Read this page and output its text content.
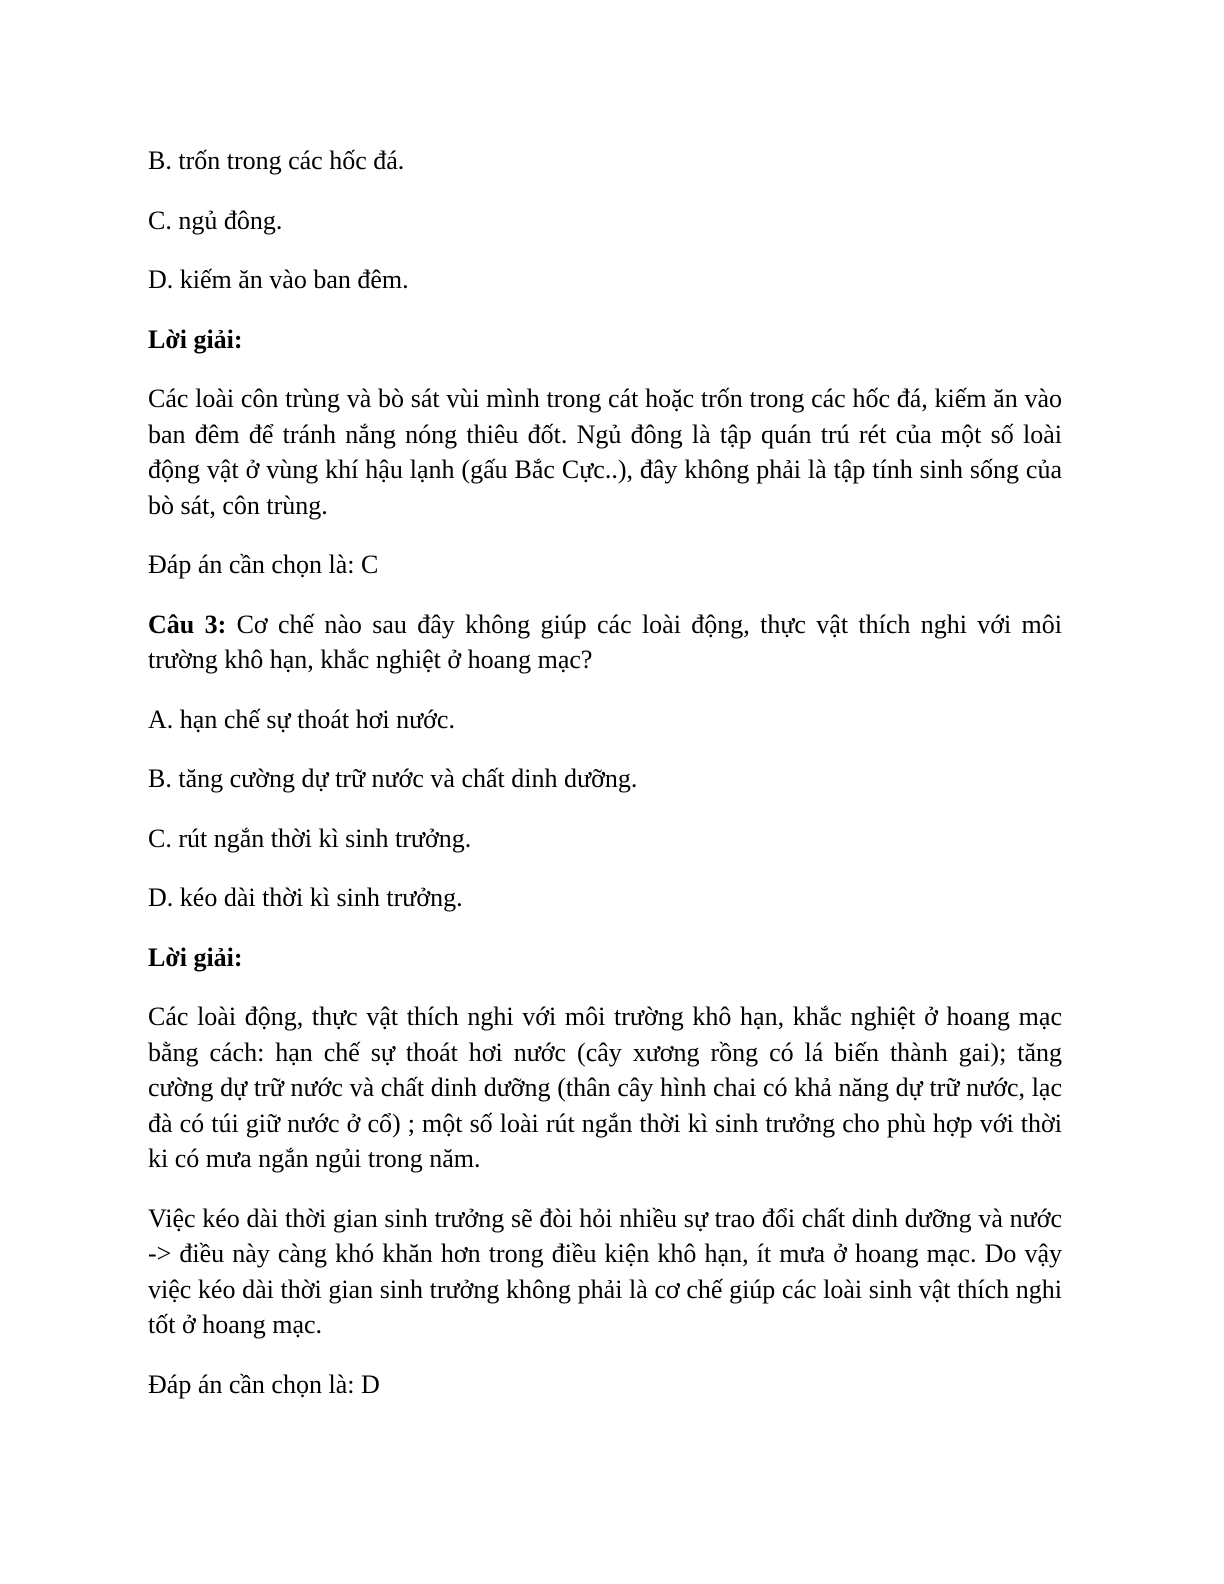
B. trốn trong các hốc đá.

C. ngủ đông.

D. kiếm ăn vào ban đêm.

Lời giải:

Các loài côn trùng và bò sát vùi mình trong cát hoặc trốn trong các hốc đá, kiếm ăn vào ban đêm để tránh nắng nóng thiêu đốt. Ngủ đông là tập quán trú rét của một số loài động vật ở vùng khí hậu lạnh (gấu Bắc Cực..), đây không phải là tập tính sinh sống của bò sát, côn trùng.

Đáp án cần chọn là: C

Câu 3: Cơ chế nào sau đây không giúp các loài động, thực vật thích nghi với môi trường khô hạn, khắc nghiệt ở hoang mạc?

A. hạn chế sự thoát hơi nước.

B. tăng cường dự trữ nước và chất dinh dưỡng.

C. rút ngắn thời kì sinh trưởng.

D. kéo dài thời kì sinh trưởng.

Lời giải:

Các loài động, thực vật thích nghi với môi trường khô hạn, khắc nghiệt ở hoang mạc bằng cách: hạn chế sự thoát hơi nước (cây xương rồng có lá biến thành gai); tăng cường dự trữ nước và chất dinh dưỡng (thân cây hình chai có khả năng dự trữ nước, lạc đà có túi giữ nước ở cổ) ; một số loài rút ngắn thời kì sinh trưởng cho phù hợp với thời ki có mưa ngắn ngủi trong năm.

Việc kéo dài thời gian sinh trưởng sẽ đòi hỏi nhiều sự trao đổi chất dinh dưỡng và nước -> điều này càng khó khăn hơn trong điều kiện khô hạn, ít mưa ở hoang mạc. Do vậy việc kéo dài thời gian sinh trưởng không phải là cơ chế giúp các loài sinh vật thích nghi tốt ở hoang mạc.

Đáp án cần chọn là: D
